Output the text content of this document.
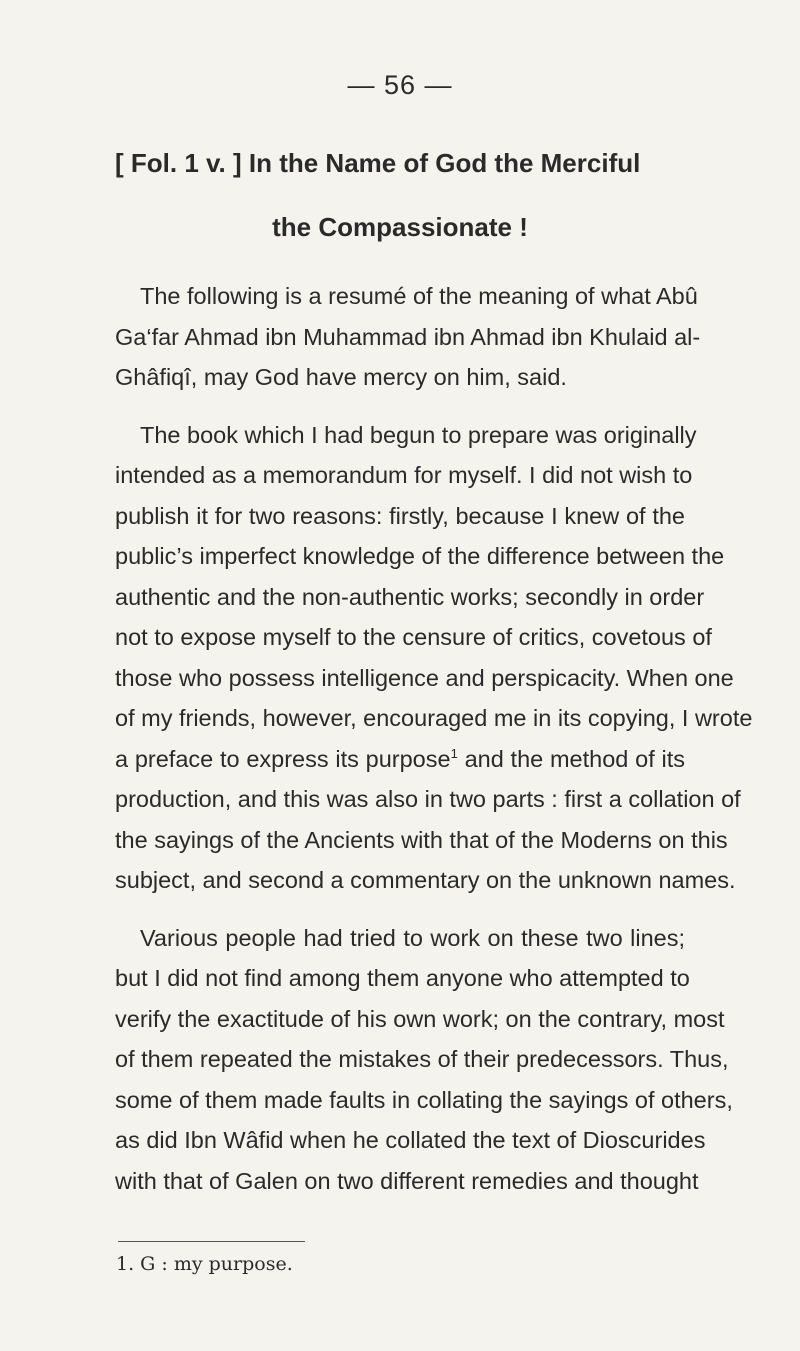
— 56 —
[ Fol. 1 v. ] In the Name of God the Merciful
the Compassionate !
The following is a resumé of the meaning of what Abû
Ga‘far Ahmad ibn Muhammad ibn Ahmad ibn Khulaid al-
Ghâfiqî, may God have mercy on him, said.
The book which I had begun to prepare was originally
intended as a memorandum for myself. I did not wish to
publish it for two reasons: firstly, because I knew of the
public’s imperfect knowledge of the difference between the
authentic and the non-authentic works; secondly in order
not to expose myself to the censure of critics, covetous of
those who possess intelligence and perspicacity. When one
of my friends, however, encouraged me in its copying, I wrote
a preface to express its purpose$^1$ and the method of its
production, and this was also in two parts : first a collation of
the sayings of the Ancients with that of the Moderns on this
subject, and second a commentary on the unknown names.
Various people had tried to work on these two lines;
but I did not find among them anyone who attempted to
verify the exactitude of his own work; on the contrary, most
of them repeated the mistakes of their predecessors. Thus,
some of them made faults in collating the sayings of others,
as did Ibn Wâfid when he collated the text of Dioscurides
with that of Galen on two different remedies and thought
1. G : my purpose.
